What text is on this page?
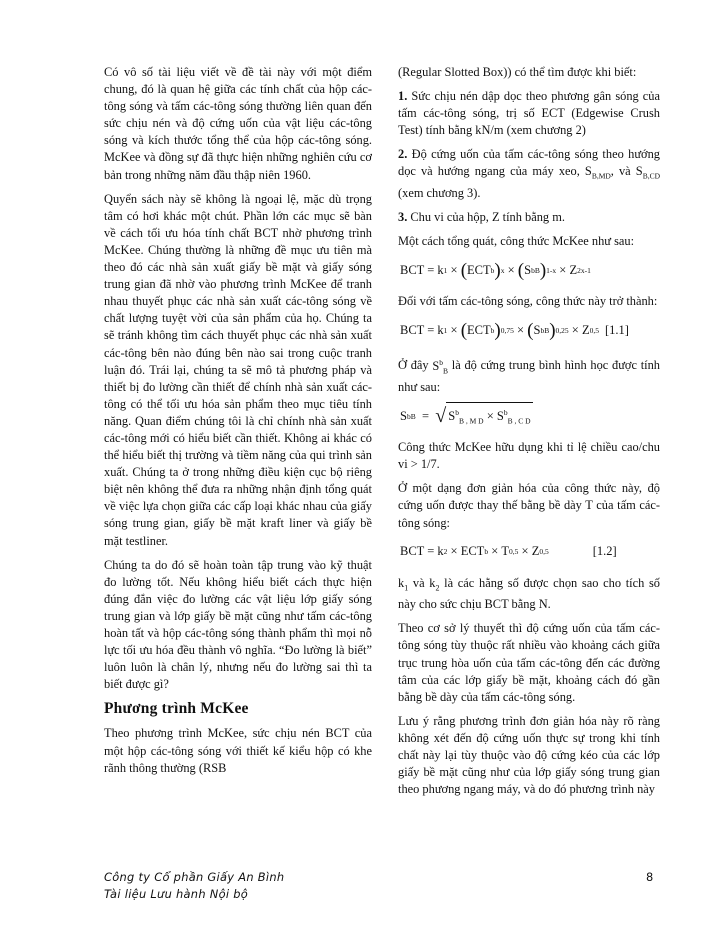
Có vô số tài liệu viết về đề tài này với một điểm chung, đó là quan hệ giữa các tính chất của hộp các-tông sóng và tấm các-tông sóng thường liên quan đến sức chịu nén và độ cứng uốn của vật liệu các-tông sóng và kích thước tổng thể của hộp các-tông sóng. McKee và đồng sự đã thực hiện những nghiên cứu cơ bản trong những năm đầu thập niên 1960.

Quyển sách này sẽ không là ngoại lệ, mặc dù trọng tâm có hơi khác một chút. Phần lớn các mục sẽ bàn về cách tối ưu hóa tính chất BCT nhờ phương trình McKee. Chúng thường là những đề mục ưu tiên mà theo đó các nhà sản xuất giấy bề mặt và giấy sóng trung gian đã nhờ vào phương trình McKee để tranh nhau thuyết phục các nhà sản xuất các-tông sóng về chất lượng tuyệt vời của sản phẩm của họ. Chúng ta sẽ tránh không tìm cách thuyết phục các nhà sản xuất các-tông bên nào đúng bên nào sai trong cuộc tranh luận đó. Trái lại, chúng ta sẽ mô tả phương pháp và thiết bị đo lường cần thiết để chính nhà sản xuất các-tông có thể tối ưu hóa sản phẩm theo mục tiêu tính năng. Quan điểm chúng tôi là chỉ chính nhà sản xuất các-tông mới có hiểu biết cần thiết. Không ai khác có thể hiểu biết thị trường và tiềm năng của qui trình sản xuất. Chúng ta ở trong những điều kiện cục bộ riêng biệt nên không thể đưa ra những nhận định tổng quát về việc lựa chọn giữa các cấp loại khác nhau của giấy sóng trung gian, giấy bề mặt kraft liner và giấy bề mặt testliner.

Chúng ta do đó sẽ hoàn toàn tập trung vào kỹ thuật đo lường tốt. Nếu không hiểu biết cách thực hiện đúng đắn việc đo lường các vật liệu lớp giấy sóng trung gian và lớp giấy bề mặt cũng như tấm các-tông hoàn tất và hộp các-tông sóng thành phẩm thì mọi nỗ lực tối ưu hóa đều thành vô nghĩa. “Đo lường là biết” luôn luôn là chân lý, nhưng nếu đo lường sai thì ta biết được gì?

Phương trình McKee

Theo phương trình McKee, sức chịu nén BCT của một hộp các-tông sóng với thiết kế kiểu hộp có khe rãnh thông thường (RSB

(Regular Slotted Box)) có thể tìm được khi biết:

1. Sức chịu nén dập dọc theo phương gân sóng của tấm các-tông sóng, trị số ECT (Edgewise Crush Test) tính bằng kN/m (xem chương 2)

2. Độ cứng uốn của tấm các-tông sóng theo hướng dọc và hướng ngang của máy xeo, $S_{B,MD}$, và $S_{B,CD}$ (xem chương 3).

3. Chu vi của hộp, Z tính bằng m.

Một cách tổng quát, công thức McKee như sau:

BCT = k 1 × ( ECT b ) x × ( S b B ) 1-x × Z 2x-1

Đối với tấm các-tông sóng, công thức này trở thành:

BCT = k 1 × ( ECT b ) 0,75 × ( S b B ) 0,25 × Z 0,5 [1.1]

Ở đây $S^b_B$ là độ cứng trung bình hình học được tính như sau:

S b B
=
√ $S^b_{B , M D} \times S^b_{B , C D}$

Công thức McKee hữu dụng khi tỉ lệ chiều cao/chu vi > 1/7.

Ở một dạng đơn giản hóa của công thức này, độ cứng uốn được thay thế bằng bề dày T của tấm các-tông sóng:

BCT = k 2 × ECT b × T 0,5 × Z 0,5	[1.2]

$k_1$ và $k_2$ là các hằng số được chọn sao cho tích số này cho sức chịu BCT bằng N.

Theo cơ sở lý thuyết thì độ cứng uốn của tấm các-tông sóng tùy thuộc rất nhiều vào khoảng cách giữa trục trung hòa uốn của tấm các-tông đến các đường tâm của các lớp giấy bề mặt, khoảng cách đó gần bằng bề dày của tấm các-tông sóng.

Lưu ý rằng phương trình đơn giản hóa này rõ ràng không xét đến độ cứng uốn thực sự trong khi tính chất này lại tùy thuộc vào độ cứng kéo của các lớp giấy bề mặt cũng như của lớp giấy sóng trung gian theo phương ngang máy, và do đó phương trình này

Công ty Cổ phần Giấy An Bình
Tài liệu Lưu hành Nội bộ
8
